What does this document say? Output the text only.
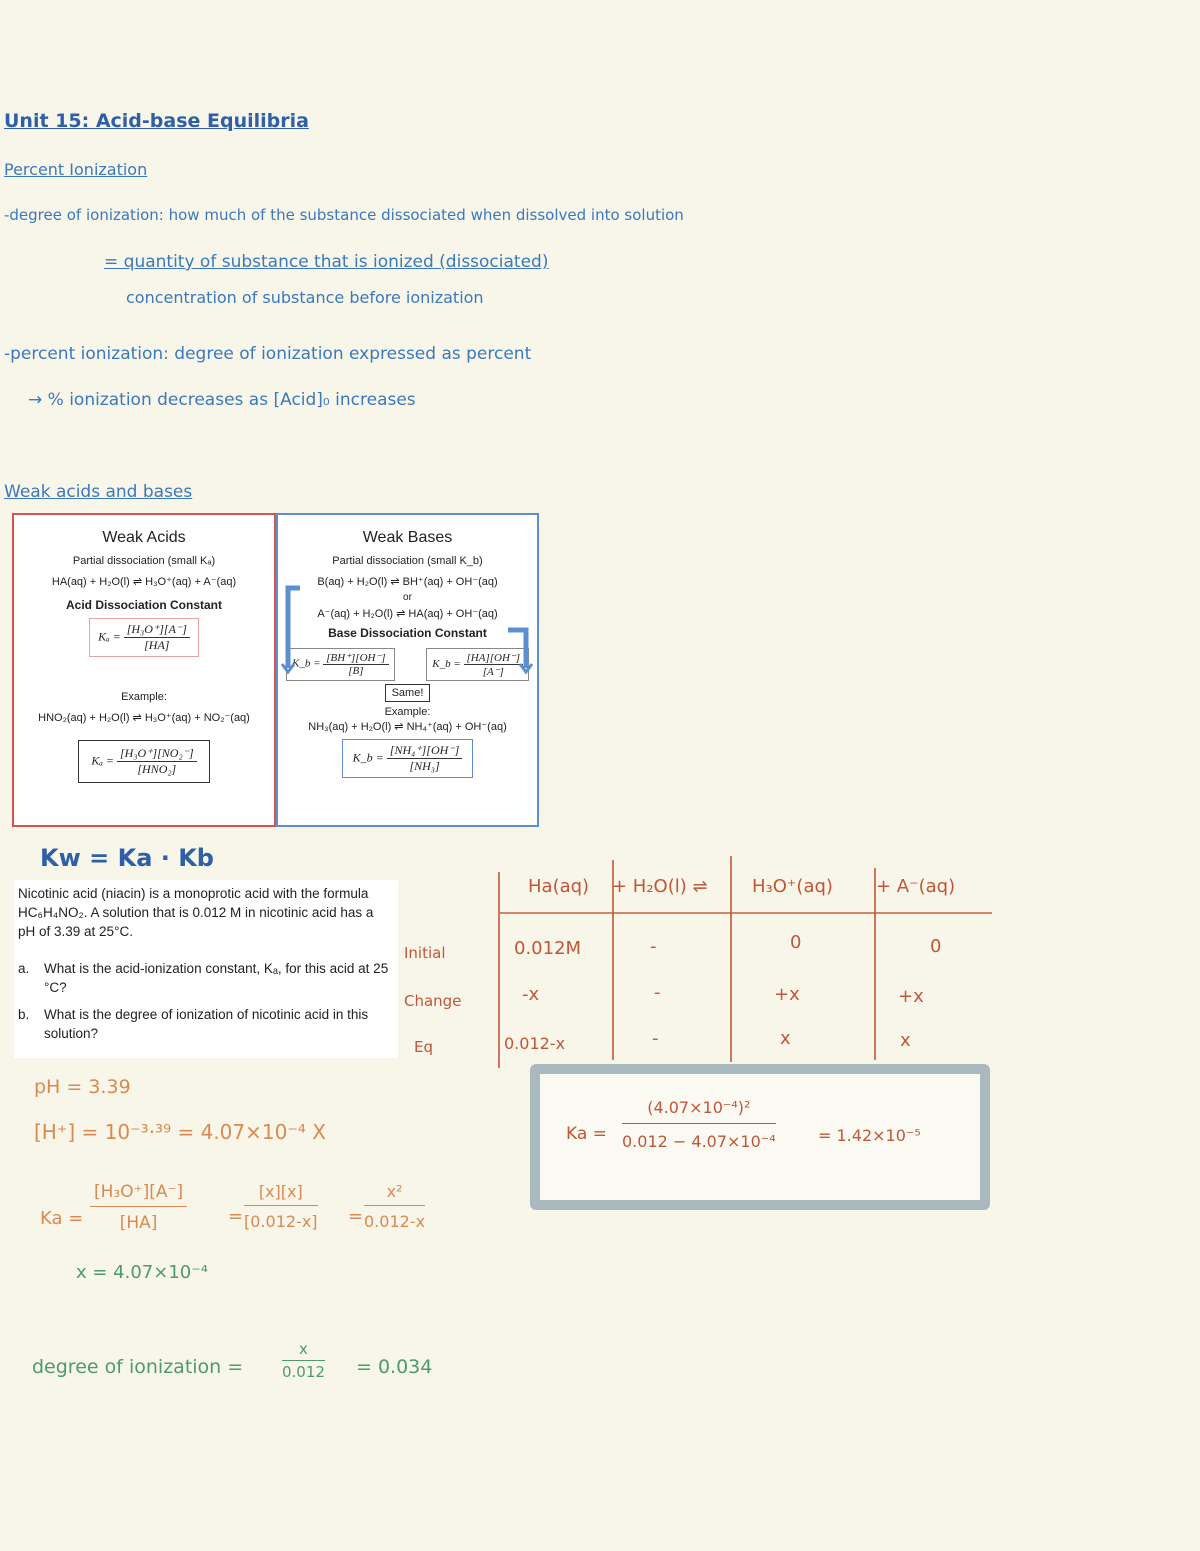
Unit 15: Acid-base Equilibria
Percent Ionization
-degree of ionization: how much of the substance dissociated when dissolved into solution
= quantity of substance that is ionized (dissociated)
concentration of substance before ionization
-percent ionization: degree of ionization expressed as percent
→ % ionization decreases as [Acid]₀ increases
Weak acids and bases
Weak Acids
Partial dissociation (small Kₐ)
HA(aq) + H₂O(l) ⇌ H₃O⁺(aq) + A⁻(aq)
Acid Dissociation Constant
$K_a = \frac{\text{[H₃O⁺][A⁻]}}{[HA]}$
Example:
HNO₂(aq) + H₂O(l) ⇌ H₃O⁺(aq) + NO₂⁻(aq)
$K_a = \frac{\text{[H₃O⁺][NO₂⁻]}}{\text{[HNO₂]}}$
Weak Bases
Partial dissociation (small K_b)
B(aq) + H₂O(l) ⇌ BH⁺(aq) + OH⁻(aq)
or
A⁻(aq) + H₂O(l) ⇌ HA(aq) + OH⁻(aq)
Base Dissociation Constant
K_b = $\frac{[BH^+][OH^-]}{[B]}$	K_b = $\frac{[HA][OH^-]}{[A^-]}$
Same!
Example:
NH₃(aq) + H₂O(l) ⇌ NH₄⁺(aq) + OH⁻(aq)
K_b = $\frac{\text{[NH₄⁺][OH⁻]}}{\text{[NH₃]}}$
Kw = Ka · Kb

Nicotinic acid (niacin) is a monoprotic acid with the formula HC₆H₄NO₂. A solution that is 0.012 M in nicotinic acid has a pH of 3.39 at 25°C.

a.	What is the acid-ionization constant, Kₐ, for this acid at 25 °C?
b.	What is the degree of ionization of nicotinic acid in this solution?
Ha(aq) + H₂O(l) ⇌ H₃O⁺(aq) + A⁻(aq)
Initial	0.012M	-	0	0
Change	-x	-	+x	+x
Eq	0.012-x	-	x	x
$Ka = \frac{\text{(4.07×10⁻⁴)²}}{\text{0.012 − 4.07×10⁻⁴}}$	= 1.42×10⁻⁵
pH = 3.39
[H⁺] = 10⁻³·³⁹ = 4.07×10⁻⁴ X
$Ka = \frac{\text{[H₃O⁺][A⁻]}}{[HA]} = \frac{[x][x]}{[0.012-x]} = \frac{\text{x²}}{0.012-x}$
x = 4.07×10⁻⁴
degree of ionization =	$\frac{x}{0.012} = 0.034$
